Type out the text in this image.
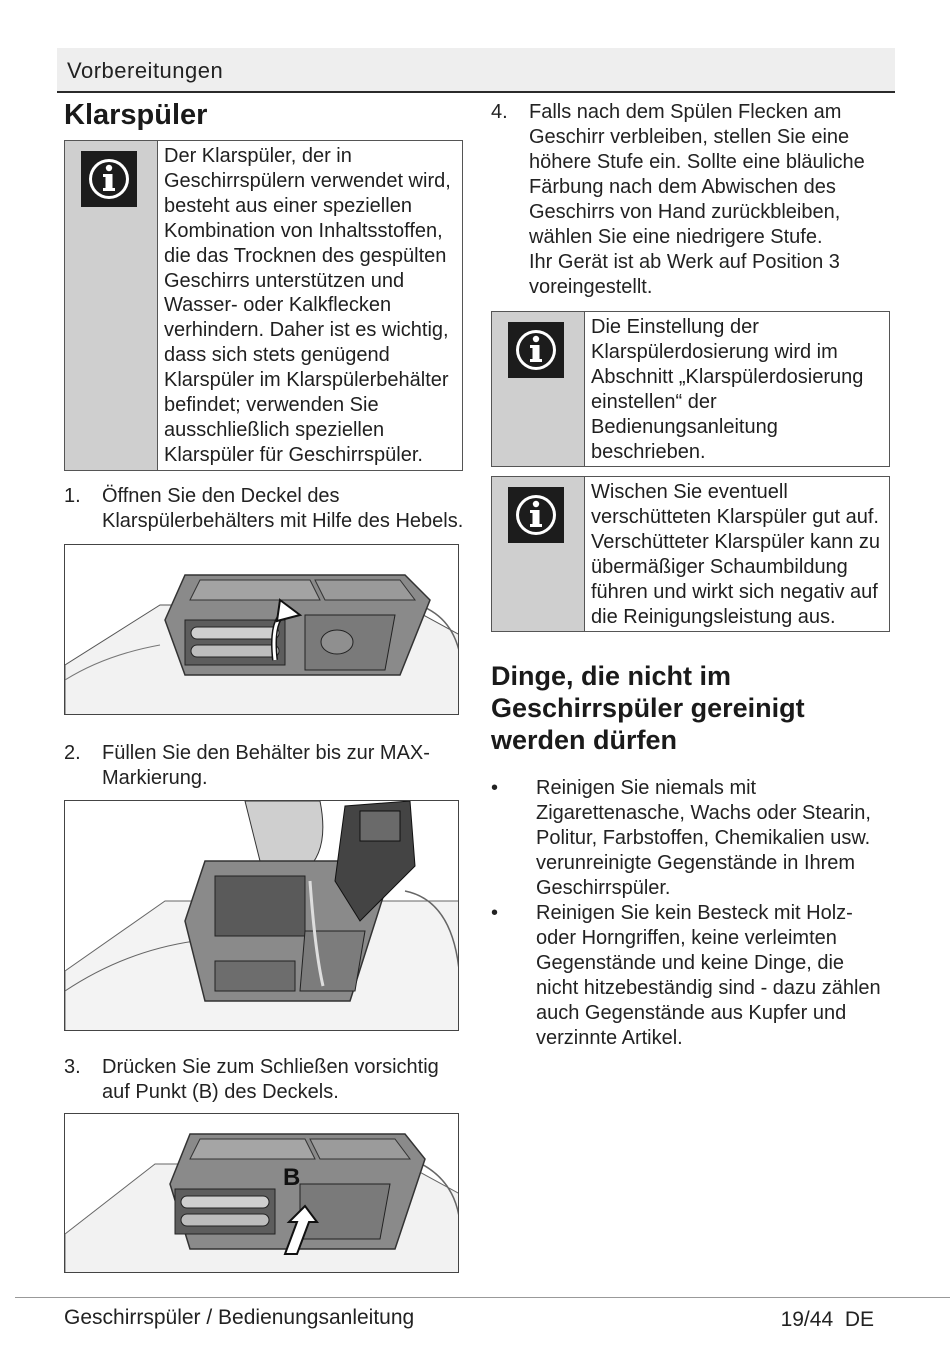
Vorbereitungen
Klarspüler
Der Klarspüler, der in Geschirrspülern verwendet wird, besteht aus einer speziellen Kombination von Inhaltsstoffen, die das Trocknen des gespülten Geschirrs unterstützen und Wasser- oder Kalkflecken verhindern. Daher ist es wichtig, dass sich stets genügend Klarspüler im Klarspülerbehälter befindet; verwenden Sie ausschließlich speziellen Klarspüler für Geschirrspüler.
1.	Öffnen Sie den Deckel des Klarspülerbehälters mit Hilfe des Hebels.
2.	Füllen Sie den Behälter bis zur MAX-Markierung.
3.	Drücken Sie zum Schließen vorsichtig auf Punkt (B) des Deckels.
B
4.	Falls nach dem Spülen Flecken am Geschirr verbleiben, stellen Sie eine höhere Stufe ein. Sollte eine bläuliche Färbung nach dem Abwischen des Geschirrs von Hand zurückbleiben, wählen Sie eine niedrigere Stufe.
Ihr Gerät ist ab Werk auf Position 3 voreingestellt.
Die Einstellung der Klarspülerdosierung wird im Abschnitt „Klarspülerdosierung einstellen“ der Bedienungsanleitung beschrieben.
Wischen Sie eventuell verschütteten Klarspüler gut auf. Verschütteter Klarspüler kann zu übermäßiger Schaumbildung führen und wirkt sich negativ auf die Reinigungsleistung aus.
Dinge, die nicht im Geschirrspüler gereinigt werden dürfen
•	Reinigen Sie niemals mit Zigarettenasche, Wachs oder Stearin, Politur, Farbstoffen, Chemikalien usw. verunreinigte Gegenstände in Ihrem Geschirrspüler.
•	Reinigen Sie kein Besteck mit Holz- oder Horngriffen, keine verleimten Gegenstände und keine Dinge, die nicht hitzebeständig sind - dazu zählen auch Gegenstände aus Kupfer und verzinnte Artikel.
Geschirrspüler / Bedienungsanleitung	19/44 DE
